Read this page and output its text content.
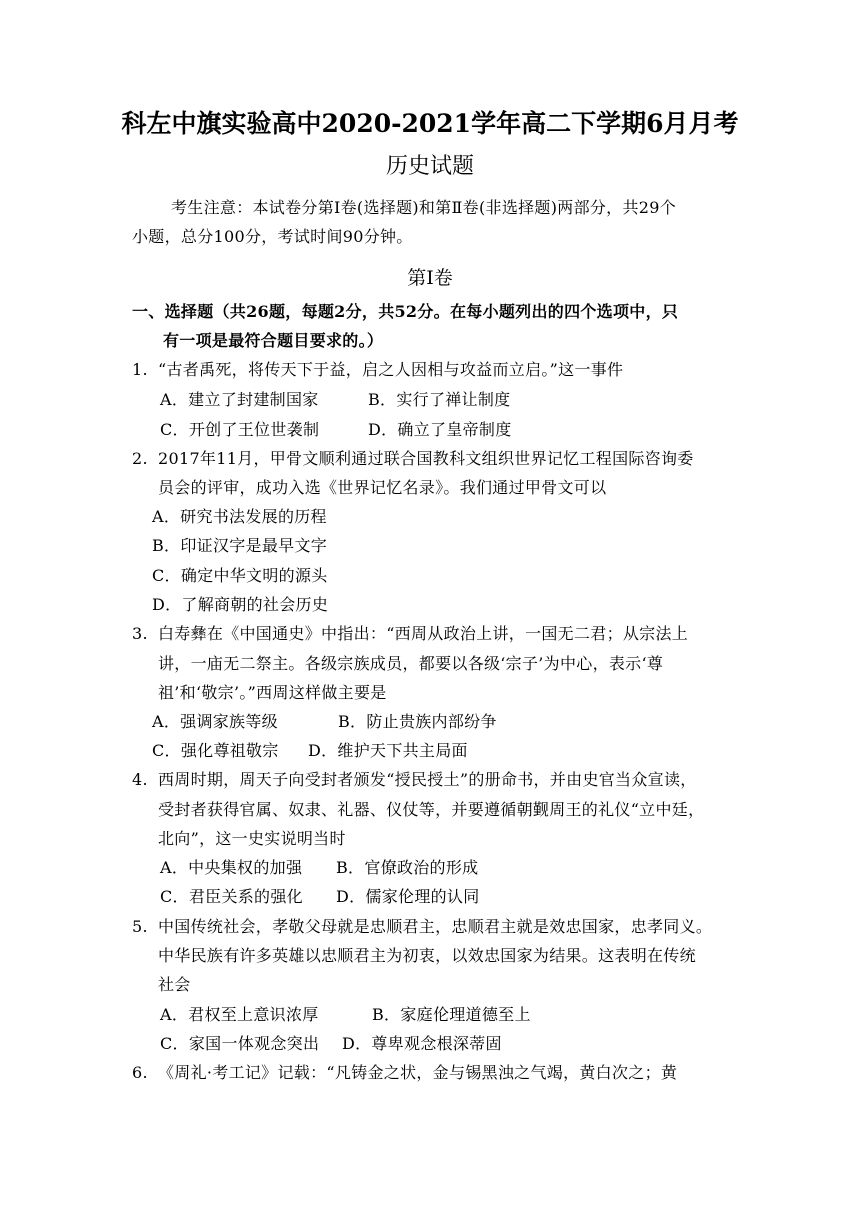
科左中旗实验高中2020-2021学年高二下学期6月月考
历史试题
考生注意：本试卷分第Ⅰ卷(选择题)和第Ⅱ卷(非选择题)两部分，共29个
小题，总分100分，考试时间90分钟。
第Ⅰ卷
一、选择题（共26题，每题2分，共52分。在每小题列出的四个选项中，只
有一项是最符合题目要求的。）
1. “古者禹死，将传天下于益，启之人因相与攻益而立启。”这一事件
A．建立了封建制国家	B．实行了禅让制度
C．开创了王位世袭制	D．确立了皇帝制度
2. 2017年11月，甲骨文顺利通过联合国教科文组织世界记忆工程国际咨询委
员会的评审，成功入选《世界记忆名录》。我们通过甲骨文可以
A．研究书法发展的历程
B．印证汉字是最早文字
C．确定中华文明的源头
D．了解商朝的社会历史
3. 白寿彝在《中国通史》中指出：“西周从政治上讲，一国无二君；从宗法上
讲，一庙无二祭主。各级宗族成员，都要以各级‘宗子’为中心，表示‘尊
祖’和‘敬宗’。”西周这样做主要是
A．强调家族等级	B．防止贵族内部纷争
C．强化尊祖敬宗 D．维护天下共主局面
4. 西周时期，周天子向受封者颁发“授民授土”的册命书，并由史官当众宣读，
受封者获得官属、奴隶、礼器、仪仗等，并要遵循朝觐周王的礼仪“立中廷，
北向”，这一史实说明当时
A．中央集权的加强 B．官僚政治的形成
C．君臣关系的强化 D．儒家伦理的认同
5. 中国传统社会，孝敬父母就是忠顺君主，忠顺君主就是效忠国家，忠孝同义。
中华民族有许多英雄以忠顺君主为初衷，以效忠国家为结果。这表明在传统
社会
A．君权至上意识浓厚	B．家庭伦理道德至上
C．家国一体观念突出 D．尊卑观念根深蒂固
6. 《周礼·考工记》记载：“凡铸金之状，金与锡黑浊之气竭，黄白次之；黄
